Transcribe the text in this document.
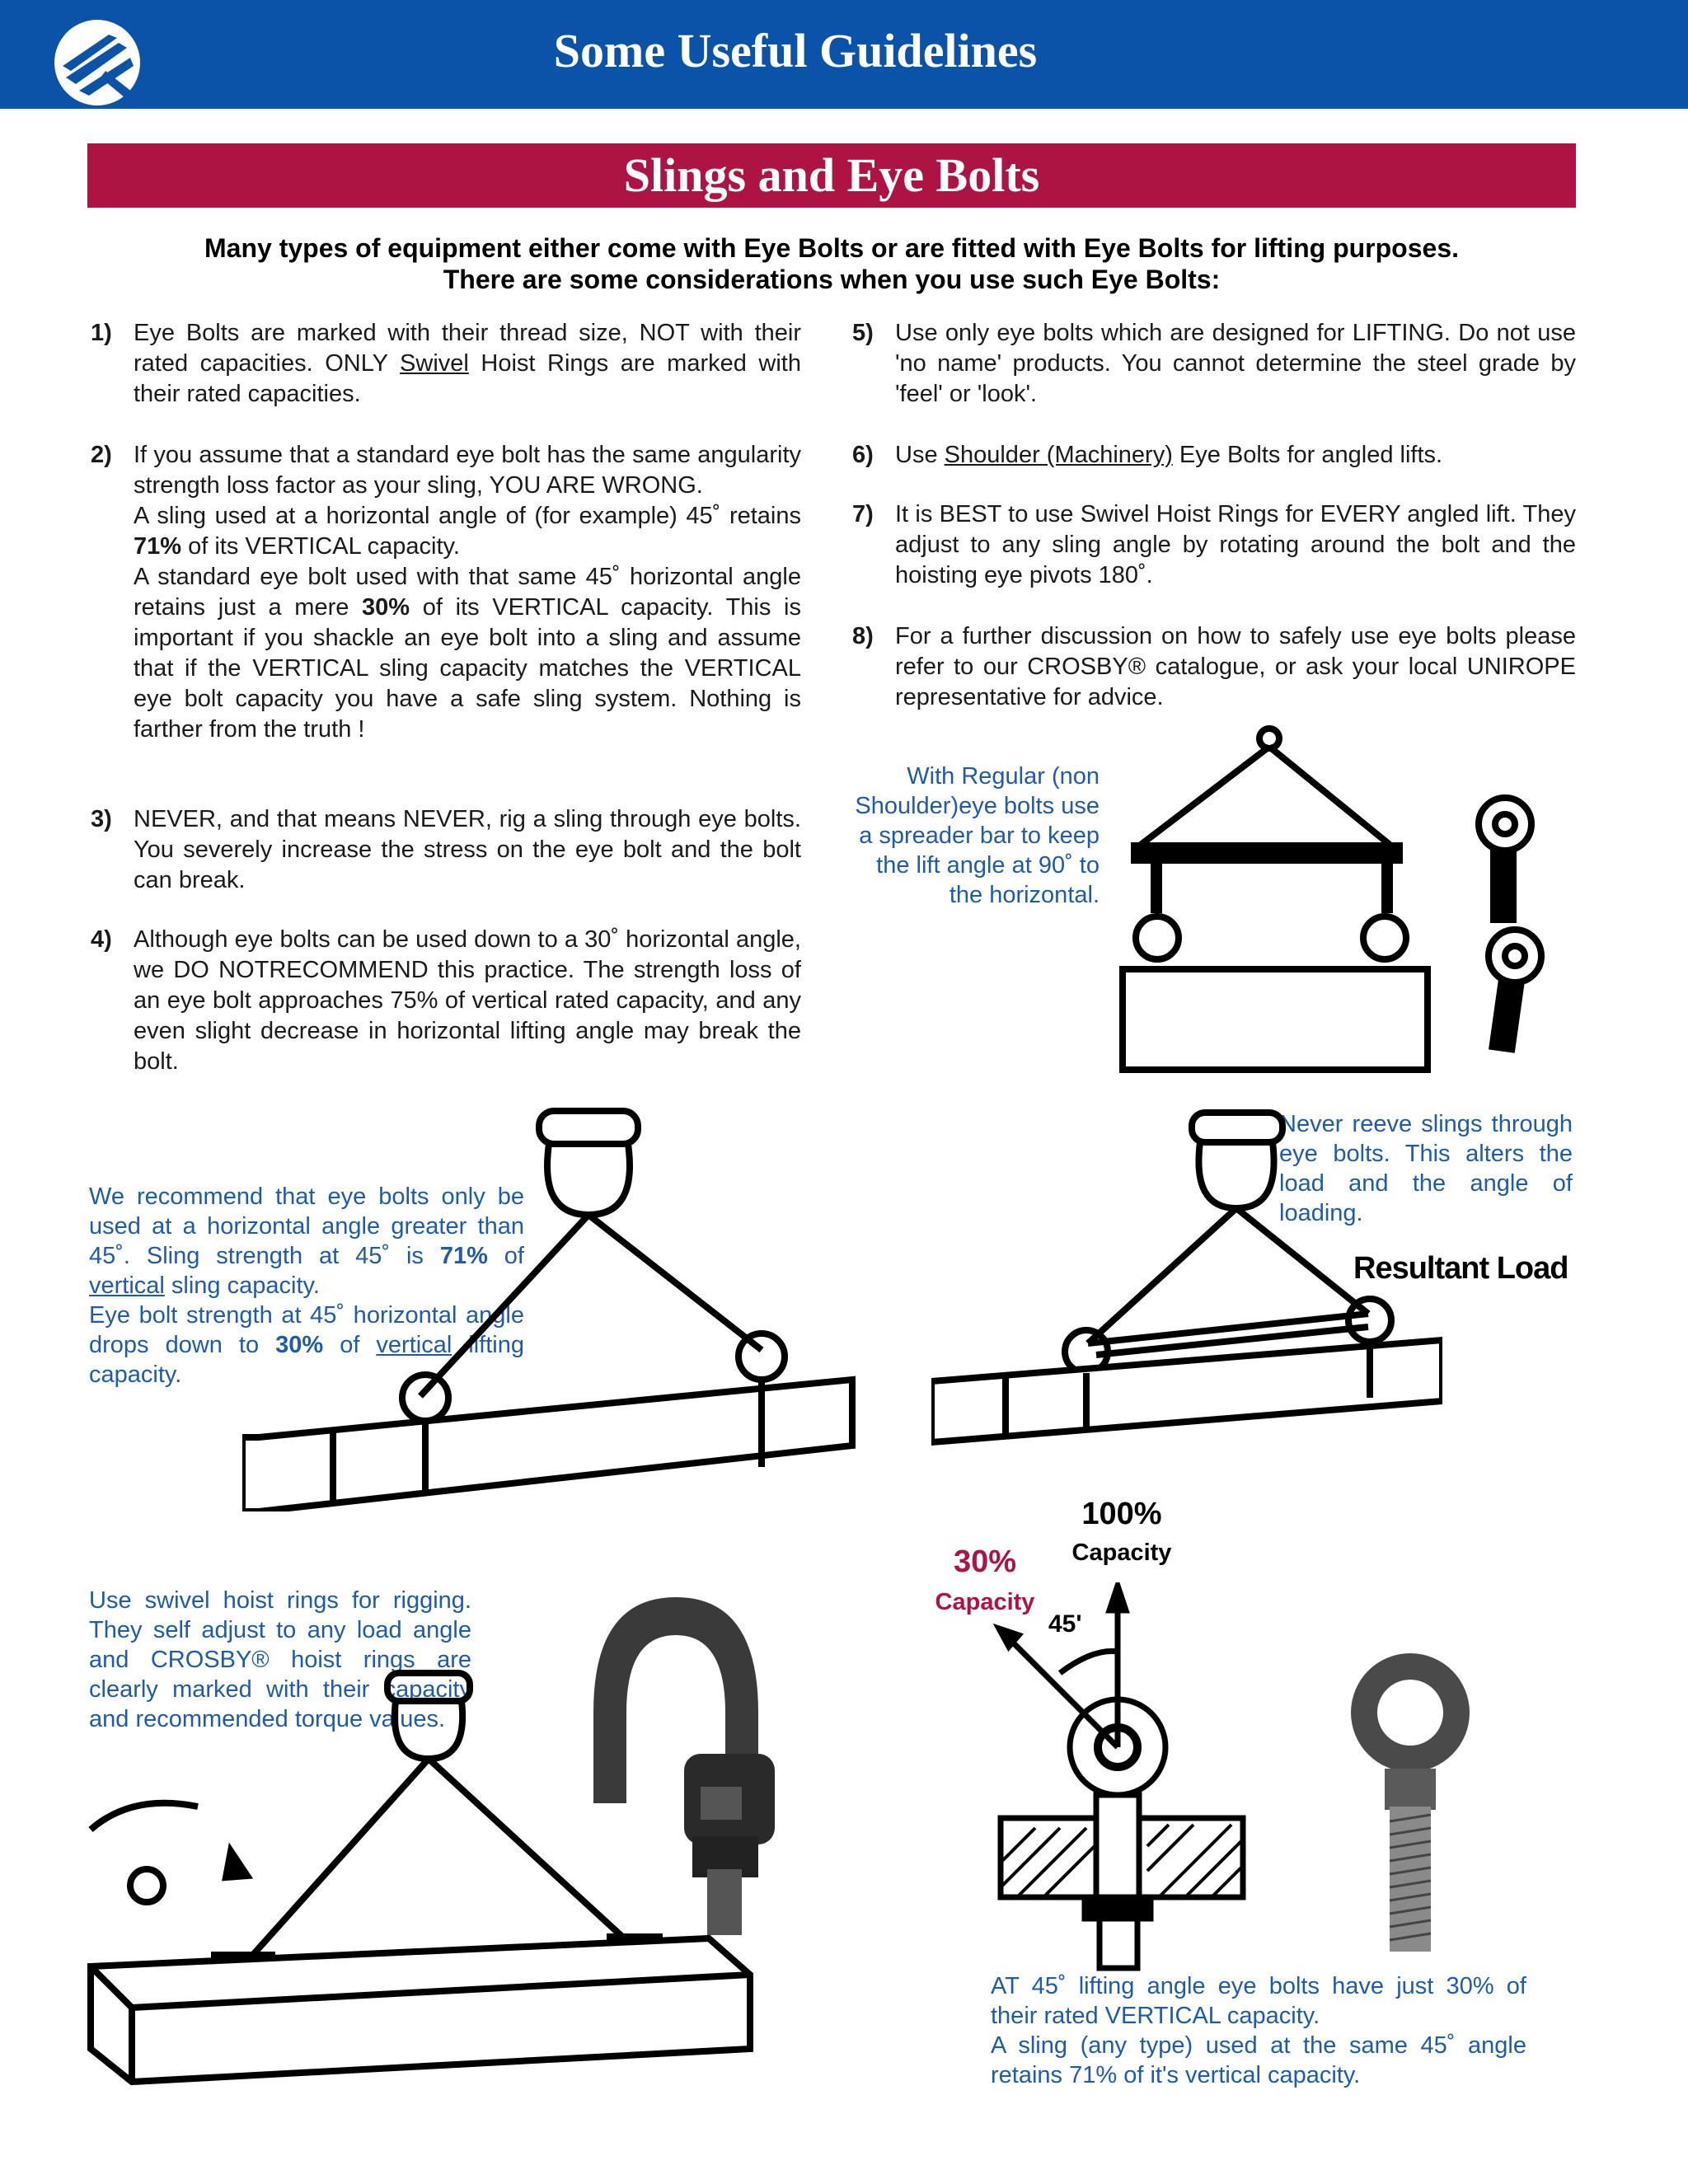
Some Useful Guidelines
Slings and Eye Bolts
Many types of equipment either come with Eye Bolts or are fitted with Eye Bolts for lifting purposes.
There are some considerations when you use such Eye Bolts:
1) Eye Bolts are marked with their thread size, NOT with their rated capacities. ONLY Swivel Hoist Rings are marked with their rated capacities.
2) If you assume that a standard eye bolt has the same angularity strength loss factor as your sling, YOU ARE WRONG.

A sling used at a horizontal angle of (for example) 45˚ retains 71% of its VERTICAL capacity.

A standard eye bolt used with that same 45˚ horizontal angle retains just a mere 30% of its VERTICAL capacity. This is important if you shackle an eye bolt into a sling and assume that if the VERTICAL sling capacity matches the VERTICAL eye bolt capacity you have a safe sling system. Nothing is farther from the truth !

3) NEVER, and that means NEVER, rig a sling through eye bolts. You severely increase the stress on the eye bolt and the bolt can break.
4) Although eye bolts can be used down to a 30˚ horizontal angle, we DO NOTRECOMMEND this practice. The strength loss of an eye bolt approaches 75% of vertical rated capacity, and any even slight decrease in horizontal lifting angle may break the bolt.
5) Use only eye bolts which are designed for LIFTING. Do not use 'no name' products. You cannot determine the steel grade by 'feel' or 'look'.
6) Use Shoulder (Machinery) Eye Bolts for angled lifts.
7) It is BEST to use Swivel Hoist Rings for EVERY angled lift. They adjust to any sling angle by rotating around the bolt and the hoisting eye pivots 180˚.
8) For a further discussion on how to safely use eye bolts please refer to our CROSBY® catalogue, or ask your local UNIROPE representative for advice.
With Regular (non Shoulder)eye bolts use a spreader bar to keep the lift angle at 90˚ to the horizontal.
We recommend that eye bolts only be used at a horizontal angle greater than 45˚. Sling strength at 45˚ is 71% of vertical sling capacity.
Eye bolt strength at 45˚ horizontal angle drops down to 30% of vertical lifting capacity.
Never reeve slings through eye bolts. This alters the load and the angle of loading.
Resultant Load
Use swivel hoist rings for rigging. They self adjust to any load angle and CROSBY® hoist rings are clearly marked with their capacity and recommended torque values.
100%
Capacity
30%
Capacity
45'
AT 45˚ lifting angle eye bolts have just 30% of their rated VERTICAL capacity.
A sling (any type) used at the same 45˚ angle retains 71% of it's vertical capacity.
